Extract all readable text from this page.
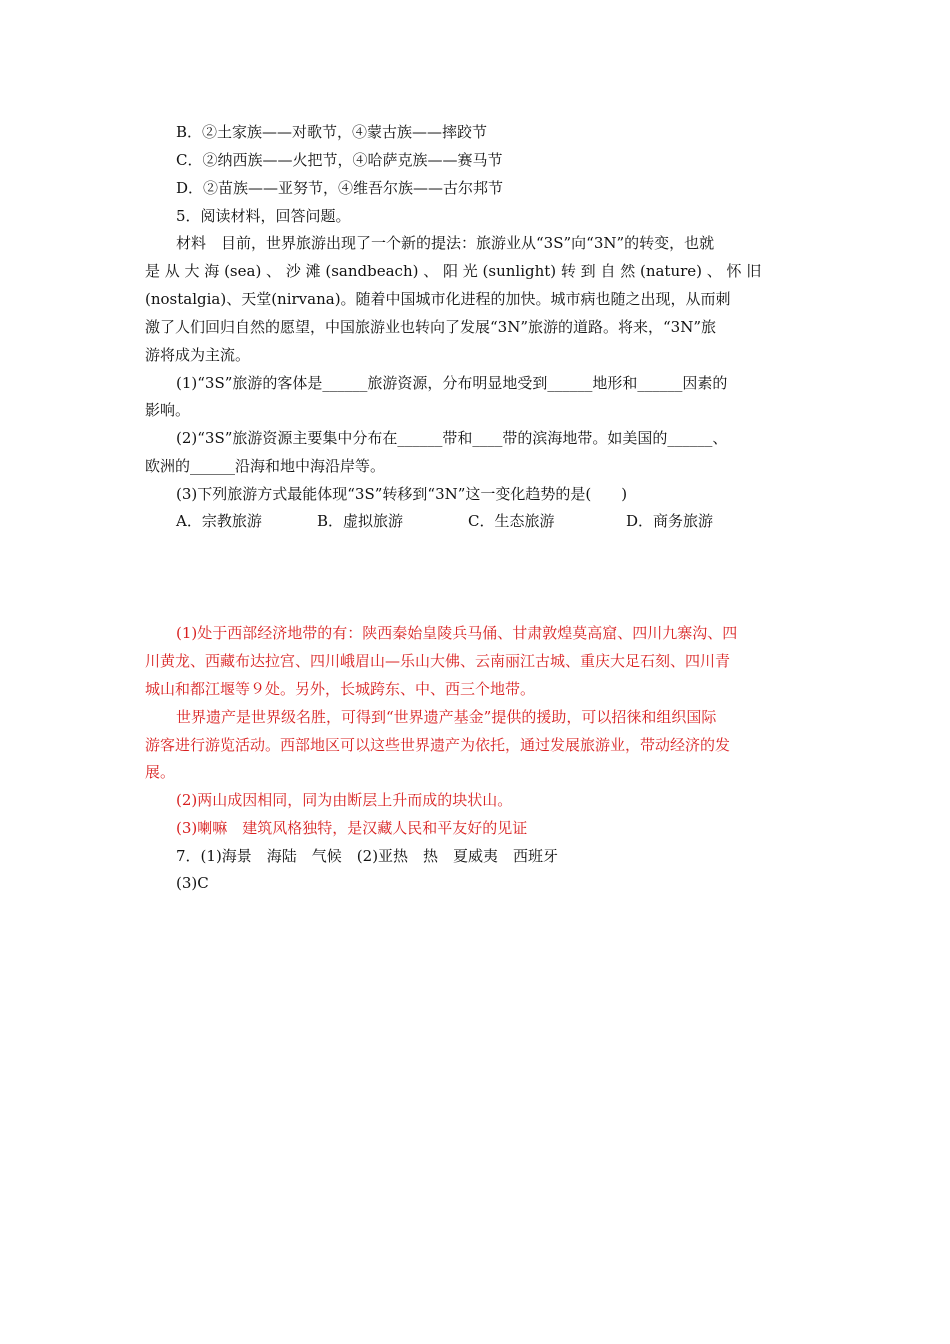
B．②土家族——对歌节，④蒙古族——摔跤节
C．②纳西族——火把节，④哈萨克族——赛马节
D．②苗族——亚努节，④维吾尔族——古尔邦节
5．阅读材料，回答问题。
材料　目前，世界旅游出现了一个新的提法：旅游业从“3S”向“3N”的转变，也就
是 从 大 海 (sea) 、 沙 滩 (sandbeach) 、 阳 光 (sunlight) 转 到 自 然 (nature) 、 怀 旧
(nostalgia)、天堂(nirvana)。随着中国城市化进程的加快。城市病也随之出现，从而刺
激了人们回归自然的愿望，中国旅游业也转向了发展“3N”旅游的道路。将来，“3N”旅
游将成为主流。
(1)“3S”旅游的客体是______旅游资源，分布明显地受到______地形和______因素的
影响。
(2)“3S”旅游资源主要集中分布在______带和____带的滨海地带。如美国的______、
欧洲的______沿海和地中海沿岸等。
(3)下列旅游方式最能体现“3S”转移到“3N”这一变化趋势的是(　　)
A．宗教旅游	B．虚拟旅游	C．生态旅游	D．商务旅游
(1)处于西部经济地带的有：陕西秦始皇陵兵马俑、甘肃敦煌莫高窟、四川九寨沟、四
川黄龙、西藏布达拉宫、四川峨眉山—乐山大佛、云南丽江古城、重庆大足石刻、四川青
城山和都江堰等９处。另外，长城跨东、中、西三个地带。
世界遗产是世界级名胜，可得到“世界遗产基金”提供的援助，可以招徕和组织国际
游客进行游览活动。西部地区可以这些世界遗产为依托，通过发展旅游业，带动经济的发
展。
(2)两山成因相同，同为由断层上升而成的块状山。
(3)喇嘛　建筑风格独特，是汉藏人民和平友好的见证
7．(1)海景　海陆　气候　(2)亚热　热　夏威夷　西班牙
(3)C
